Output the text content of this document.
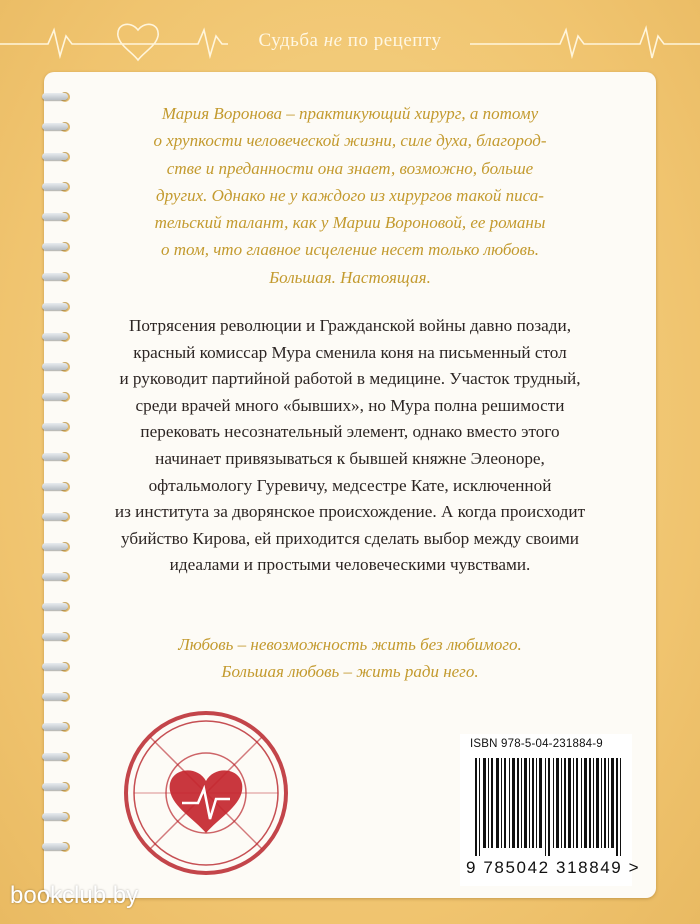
Судьба не по рецепту
Мария Воронова – практикующий хирург, а потому
о хрупкости человеческой жизни, силе духа, благород-
стве и преданности она знает, возможно, больше
других. Однако не у каждого из хирургов такой писа-
тельский талант, как у Марии Вороновой, ее романы
о том, что главное исцеление несет только любовь.
Большая. Настоящая.
Потрясения революции и Гражданской войны давно позади,
красный комиссар Мура сменила коня на письменный стол
и руководит партийной работой в медицине. Участок трудный,
среди врачей много «бывших», но Мура полна решимости
перековать несознательный элемент, однако вместо этого
начинает привязываться к бывшей княжне Элеоноре,
офтальмологу Гуревичу, медсестре Кате, исключенной
из института за дворянское происхождение. А когда происходит
убийство Кирова, ей приходится сделать выбор между своими
идеалами и простыми человеческими чувствами.
Любовь – невозможность жить без любимого.
Большая любовь – жить ради него.
ISBN 978-5-04-231884-9
9 785042 318849 >
bookclub.by
